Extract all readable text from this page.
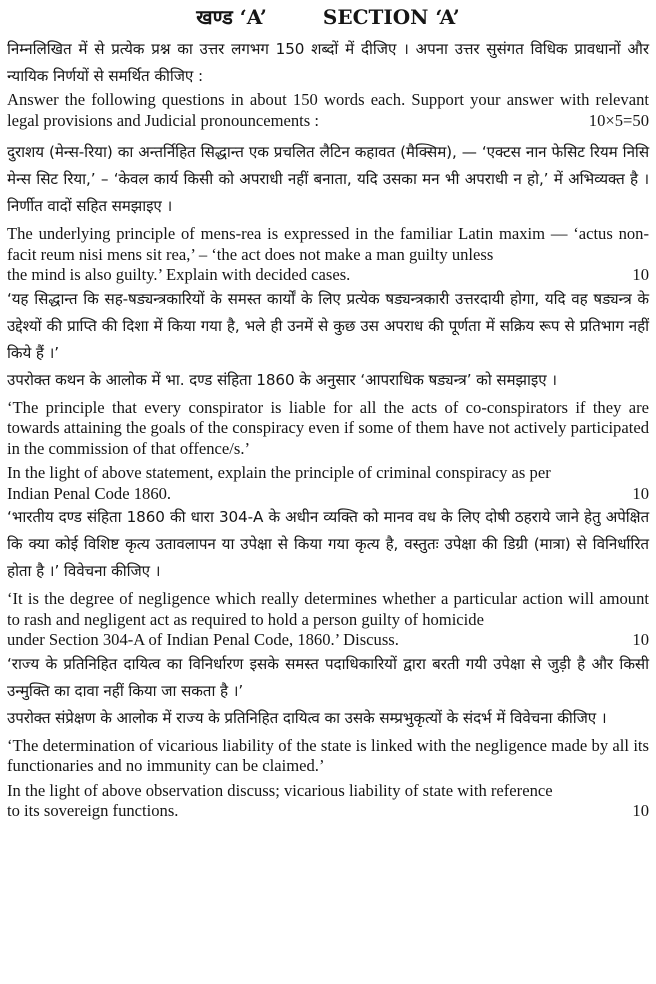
खण्ड ‘A’	SECTION ‘A’

निम्नलिखित में से प्रत्येक प्रश्न का उत्तर लगभग 150 शब्दों में दीजिए । अपना उत्तर सुसंगत विधिक प्रावधानों और न्यायिक निर्णयों से समर्थित कीजिए :

Answer the following questions in about 150 words each. Support your answer with relevant legal provisions and Judicial pronouncements :	10×5=50

दुराशय (मेन्स-रिया) का अन्तर्निहित सिद्धान्त एक प्रचलित लैटिन कहावत (मैक्सिम), — ‘एक्टस नान फेसिट रियम निसि मेन्स सिट रिया,’ – ‘केवल कार्य किसी को अपराधी नहीं बनाता, यदि उसका मन भी अपराधी न हो,’ में अभिव्यक्त है । निर्णीत वादों सहित समझाइए ।

The underlying principle of mens-rea is expressed in the familiar Latin maxim — ‘actus non-facit reum nisi mens sit rea,’ – ‘the act does not make a man guilty unless

the mind is also guilty.’ Explain with decided cases.	10

‘यह सिद्धान्त कि सह-षड्यन्त्रकारियों के समस्त कार्यों के लिए प्रत्येक षड्यन्त्रकारी उत्तरदायी होगा, यदि वह षड्यन्त्र के उद्देश्यों की प्राप्ति की दिशा में किया गया है, भले ही उनमें से कुछ उस अपराध की पूर्णता में सक्रिय रूप से प्रतिभाग नहीं किये हैं ।’

उपरोक्त कथन के आलोक में भा. दण्ड संहिता 1860 के अनुसार ‘आपराधिक षड्यन्त्र’ को समझाइए ।

‘The principle that every conspirator is liable for all the acts of co-conspirators if they are towards attaining the goals of the conspiracy even if some of them have not actively participated in the commission of that offence/s.’

In the light of above statement, explain the principle of criminal conspiracy as per

Indian Penal Code 1860.	10

‘भारतीय दण्ड संहिता 1860 की धारा 304-A के अधीन व्यक्ति को मानव वध के लिए दोषी ठहराये जाने हेतु अपेक्षित कि क्या कोई विशिष्ट कृत्य उतावलापन या उपेक्षा से किया गया कृत्य है, वस्तुतः उपेक्षा की डिग्री (मात्रा) से विनिर्धारित होता है ।’ विवेचना कीजिए ।

‘It is the degree of negligence which really determines whether a particular action will amount to rash and negligent act as required to hold a person guilty of homicide

under Section 304-A of Indian Penal Code, 1860.’ Discuss.	10

‘राज्य के प्रतिनिहित दायित्व का विनिर्धारण इसके समस्त पदाधिकारियों द्वारा बरती गयी उपेक्षा से जुड़ी है और किसी उन्मुक्ति का दावा नहीं किया जा सकता है ।’

उपरोक्त संप्रेक्षण के आलोक में राज्य के प्रतिनिहित दायित्व का उसके सम्प्रभुकृत्यों के संदर्भ में विवेचना कीजिए ।

‘The determination of vicarious liability of the state is linked with the negligence made by all its functionaries and no immunity can be claimed.’

In the light of above observation discuss; vicarious liability of state with reference

to its sovereign functions.	10
